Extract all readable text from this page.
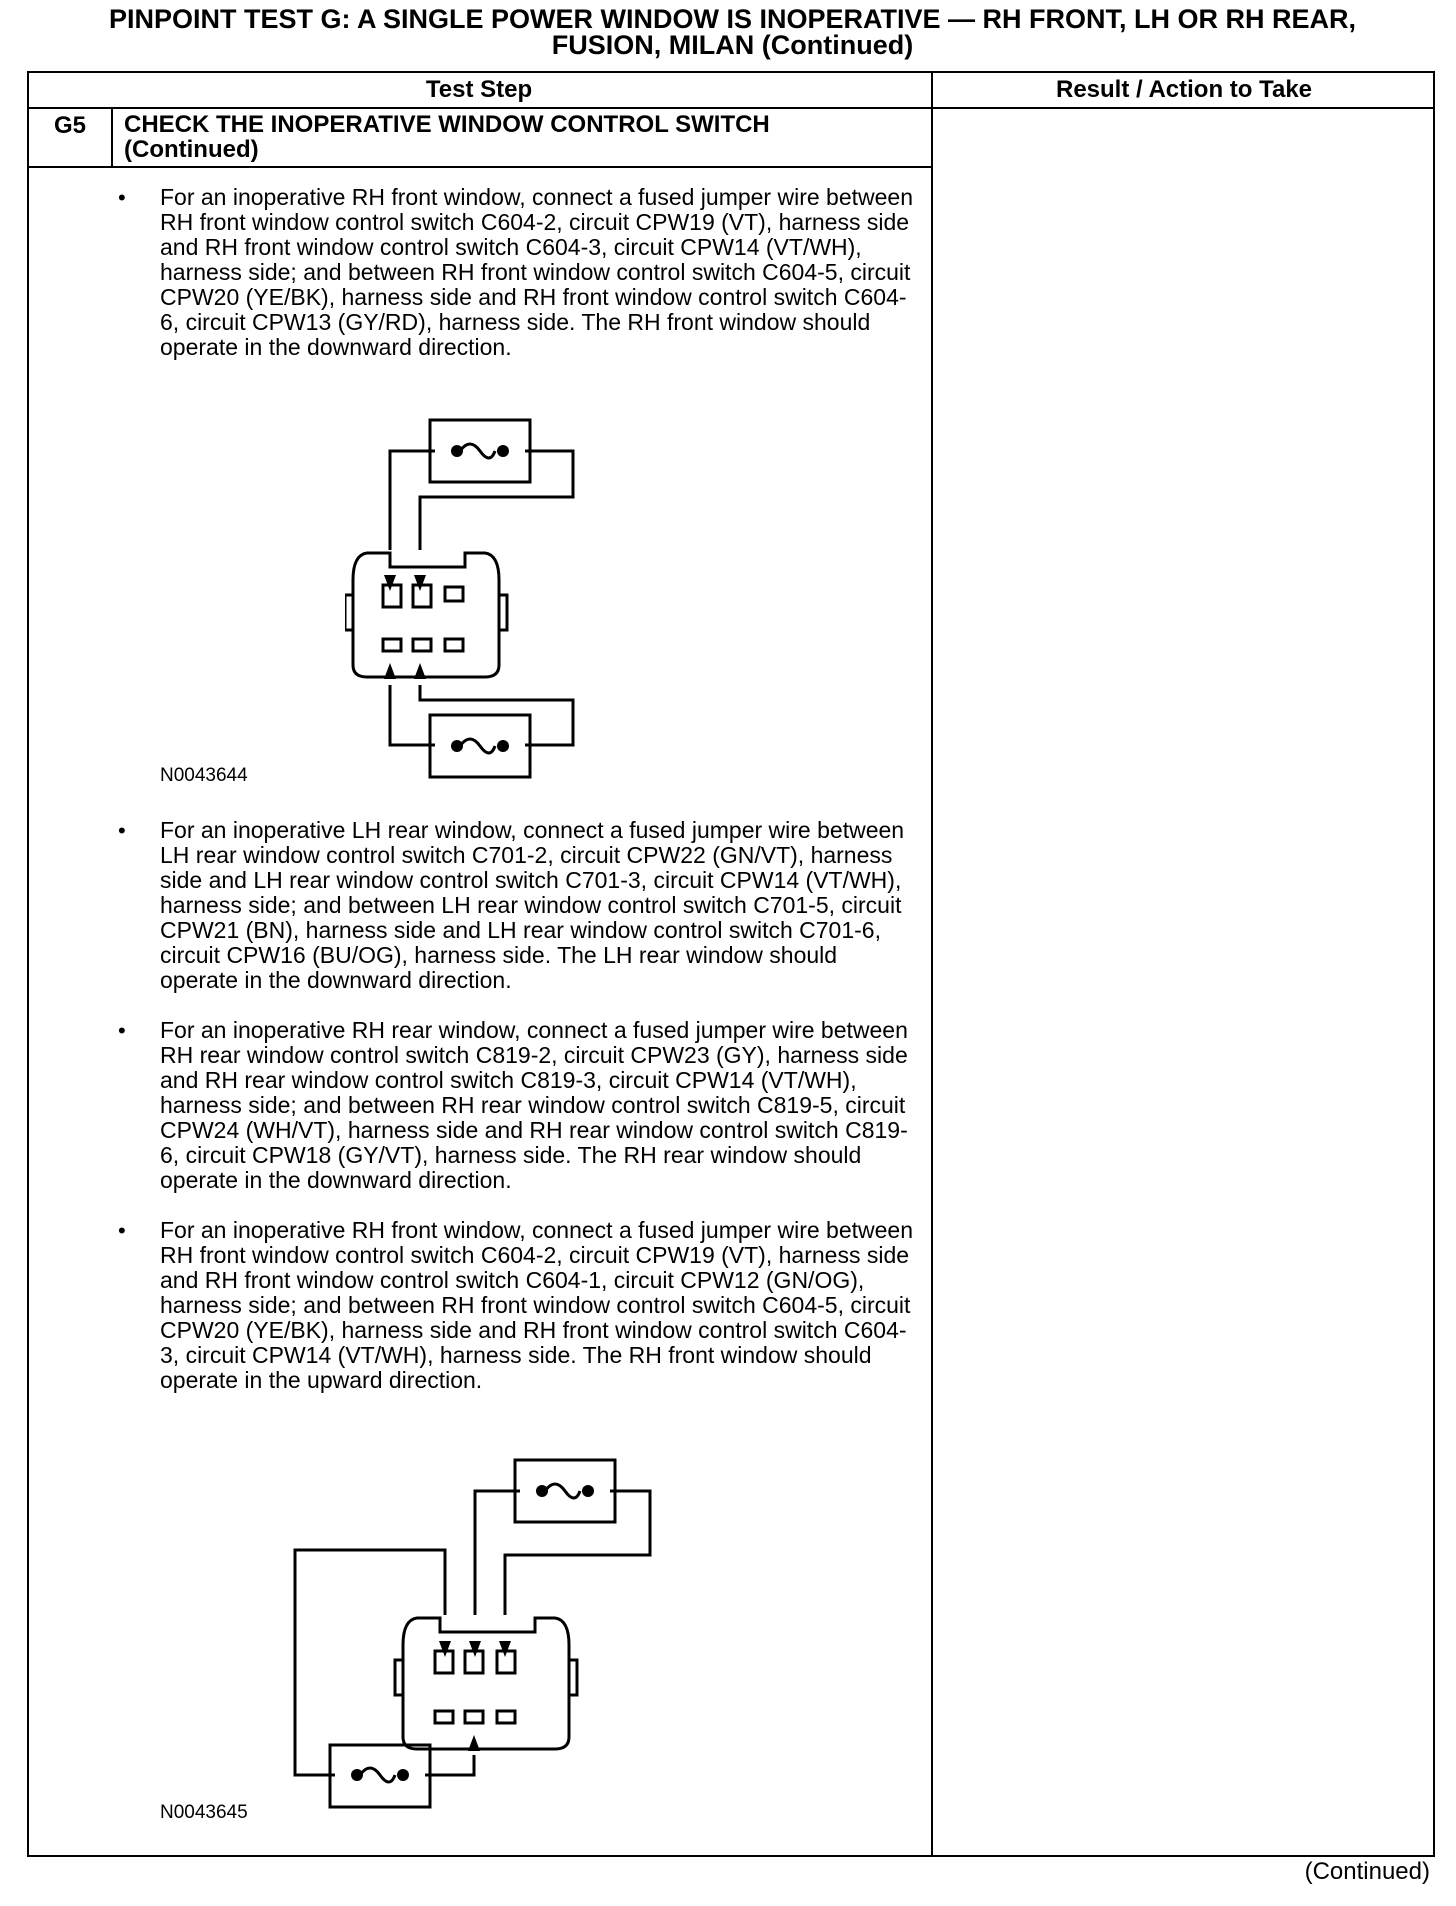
PINPOINT TEST G: A SINGLE POWER WINDOW IS INOPERATIVE — RH FRONT, LH OR RH REAR,
FUSION, MILAN (Continued)
Test Step	Result / Action to Take
G5 CHECK THE INOPERATIVE WINDOW CONTROL SWITCH
(Continued)
• For an inoperative RH front window, connect a fused jumper wire between RH front window control switch C604-2, circuit CPW19 (VT), harness side and RH front window control switch C604-3, circuit CPW14 (VT/WH), harness side; and between RH front window control switch C604-5, circuit CPW20 (YE/BK), harness side and RH front window control switch C604-6, circuit CPW13 (GY/RD), harness side. The RH front window should operate in the downward direction.

N0043644
• For an inoperative LH rear window, connect a fused jumper wire between LH rear window control switch C701-2, circuit CPW22 (GN/VT), harness side and LH rear window control switch C701-3, circuit CPW14 (VT/WH), harness side; and between LH rear window control switch C701-5, circuit CPW21 (BN), harness side and LH rear window control switch C701-6, circuit CPW16 (BU/OG), harness side. The LH rear window should operate in the downward direction.

• For an inoperative RH rear window, connect a fused jumper wire between RH rear window control switch C819-2, circuit CPW23 (GY), harness side and RH rear window control switch C819-3, circuit CPW14 (VT/WH), harness side; and between RH rear window control switch C819-5, circuit CPW24 (WH/VT), harness side and RH rear window control switch C819-6, circuit CPW18 (GY/VT), harness side. The RH rear window should operate in the downward direction.

• For an inoperative RH front window, connect a fused jumper wire between RH front window control switch C604-2, circuit CPW19 (VT), harness side and RH front window control switch C604-1, circuit CPW12 (GN/OG), harness side; and between RH front window control switch C604-5, circuit CPW20 (YE/BK), harness side and RH front window control switch C604-3, circuit CPW14 (VT/WH), harness side. The RH front window should operate in the upward direction.

N0043645
(Continued)
